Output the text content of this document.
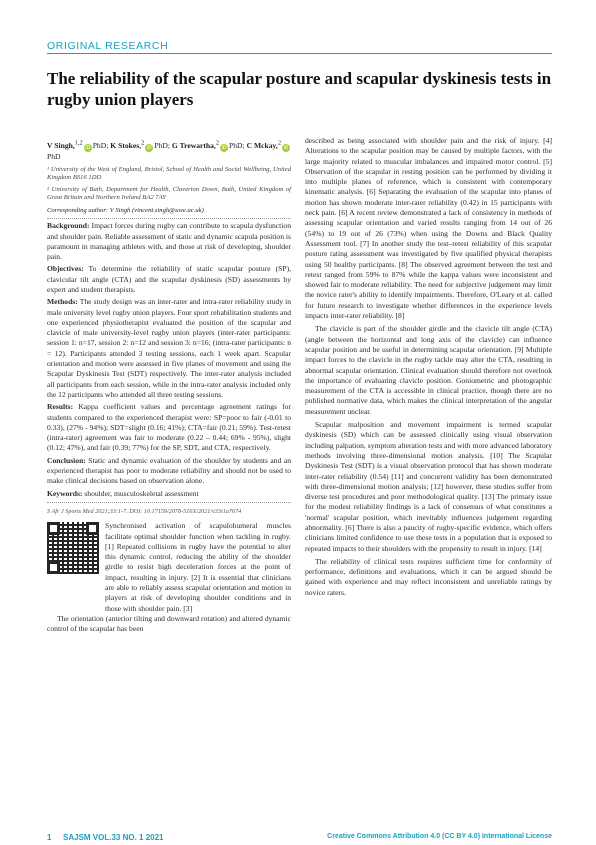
ORIGINAL RESEARCH
The reliability of the scapular posture and scapular dyskinesis tests in rugby union players
V Singh,$^{1,2}$iD PhD; K Stokes,$^2$iD PhD; G Trewartha,$^2$iD PhD; C Mckay,$^2$iDPhD
¹ University of the West of England, Bristol, School of Health and Social Wellbeing, United Kingdom BS16 1DD
² University of Bath, Department for Health, Claverton Down, Bath, United Kingdom of Great Britain and Northern Ireland BA2 7AY
Corresponding author: V Singh (vincent.singh@uwe.ac.uk)

Background: Impact forces during rugby can contribute to scapula dysfunction and shoulder pain. Reliable assessment of static and dynamic scapula position is paramount in managing athletes with, and those at risk of developing, shoulder pain.

Objectives: To determine the reliability of static scapular posture (SP), clavicular tilt angle (CTA) and the scapular dyskinesis (SD) assessments by expert and student therapists.

Methods: The study design was an inter-rater and intra-rater reliability study in male university level rugby union players. Four sport rehabilitation students and one experienced physiotherapist evaluated the position of the scapular and clavicle of male university-level rugby union players (inter-rater participants: session 1: n=17, session 2: n=12 and session 3: n=16; (intra-rater participants: n = 12). Participants attended 3 testing sessions, each 1 week apart. Scapular orientation and motion were assessed in five planes of movement and using the Scapular Dyskinesis Test (SDT) respectively. The inter-rater analysis included all participants from each session, while in the intra-rater analysis included only the 12 participants who attended all three testing sessions.

Results: Kappa coefficient values and percentage agreement ratings for students compared to the experienced therapist were: SP=poor to fair (-0.01 to 0.33), (27% - 94%); SDT=slight (0.16; 41%); CTA=fair (0.21; 59%). Test-retest (intra-rater) agreement was fair to moderate (0.22 – 0.44; 69% - 95%), slight (0.12; 47%), and fair (0.39; 77%) for the SP, SDT, and CTA, respectively.

Conclusion: Static and dynamic evaluation of the shoulder by students and an experienced therapist has poor to moderate reliability and should not be used to make clinical decisions based on observation alone.

Keywords: shoulder, musculoskeletal assessment

S Afr J Sports Med 2021;33:1-7. DOI: 10.17159/2078-516X/2021/v33i1a7674

Synchronised activation of scapulohumeral muscles facilitate optimal shoulder function when tackling in rugby. [1] Repeated collisions in rugby have the potential to alter this dynamic control, reducing the ability of the shoulder girdle to resist high deceleration forces at the point of impact, resulting in injury. [2] It is essential that clinicians are able to reliably assess scapular orientation and motion in players at risk of developing shoulder conditions and in those with shoulder pain. [3]

The orientation (anterior tilting and downward rotation) and altered dynamic control of the scapular has been

described as being associated with shoulder pain and the risk of injury. [4] Alterations to the scapular position may be caused by multiple factors, with the large majority related to muscular imbalances and impaired motor control. [5] Observation of the scapular in resting position can be performed by dividing it into multiple planes of reference, which is consistent with contemporary kinematic analysis. [6] Separating the evaluation of the scapular into planes of motion has shown moderate inter-rater reliability (0.42) in 15 participants with neck pain. [6] A recent review demonstrated a lack of consistency in methods of assessing scapular orientation and varied results ranging from 14 out of 26 (54%) to 19 out of 26 (73%) when using the Downs and Black Quality Assessment tool. [7] In another study the test–retest reliability of this scapular posture rating assessment was investigated by five qualified physical therapists using 50 healthy participants. [8] The observed agreement between the test and retest ranged from 59% to 87% while the kappa values were inconsistent and showed fair to moderate reliability. The need for subjective judgement may limit the novice rater's ability to identify impairments. Therefore, O'Leary et al. called for future research to investigate whether differences in the experience levels impacts inter-rater reliability. [8]

The clavicle is part of the shoulder girdle and the clavicle tilt angle (CTA) (angle between the horizontal and long axis of the clavicle) can influence scapular position and be useful in determining scapular orientation. [9] Multiple impact forces to the clavicle in the rugby tackle may alter the CTA, resulting in abnormal scapular orientation. Clinical evaluation should therefore not overlook the importance of evaluating clavicle position. Goniometric and photographic measurement of the CTA is accessible in clinical practice, though there are no published normative data, which makes the clinical interpretation of the angular measurement unclear.

Scapular malposition and movement impairment is termed scapular dyskinesis (SD) which can be assessed clinically using visual observation including palpation, symptom alteration tests and with more advanced laboratory methods involving three-dimensional motion analysis. [10] The Scapular Dyskinesis Test (SDT) is a visual observation protocol that has shown moderate inter-rater reliability (0.54) [11] and concurrent validity has been demonstrated with three-dimensional motion analysis; [12] however, these studies suffer from diverse test procedures and poor methodological quality. [13] The primary issue for the modest reliability findings is a lack of consensus of what constitutes a 'normal' scapular position, which inevitably influences judgement regarding abnormality. [6] There is also a paucity of rugby-specific evidence, which offers clinicians limited confidence to use these tests in a population that is exposed to repeated impacts to their shoulders with the propensity to result in injury. [14]

The reliability of clinical tests requires sufficient time for conformity of performance, definitions and evaluations, which it can be argued should be gained with experience and may reflect inconsistent and unreliable ratings by novice raters.

1 SAJSM VOL.33 NO. 1 2021	Creative Commons Attribution 4.0 (CC BY 4.0) International License
